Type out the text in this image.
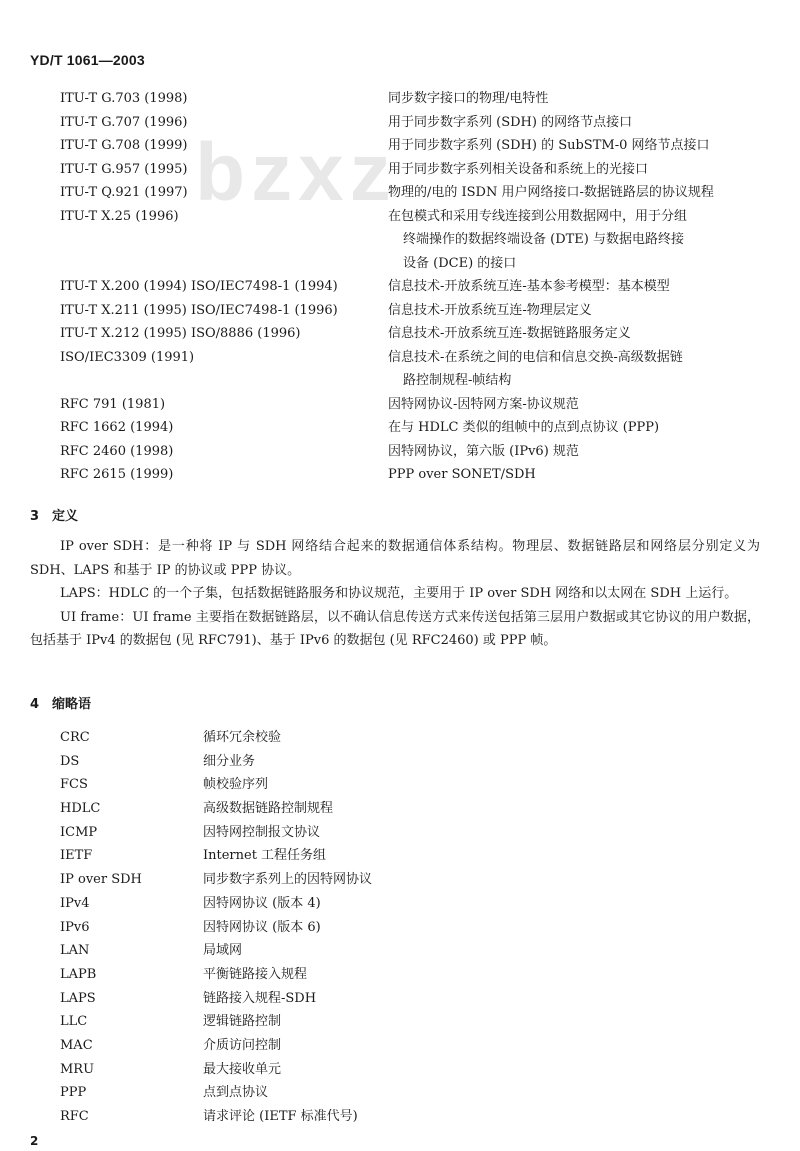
YD/T 1061—2003
bzxz
ITU-T G.703 (1998)	同步数字接口的物理/电特性
ITU-T G.707 (1996)	用于同步数字系列 (SDH) 的网络节点接口
ITU-T G.708 (1999)	用于同步数字系列 (SDH) 的 SubSTM-0 网络节点接口
ITU-T G.957 (1995)	用于同步数字系列相关设备和系统上的光接口
ITU-T Q.921 (1997)	物理的/电的 ISDN 用户网络接口-数据链路层的协议规程
ITU-T X.25 (1996)	在包模式和采用专线连接到公用数据网中，用于分组
终端操作的数据终端设备 (DTE) 与数据电路终接
设备 (DCE) 的接口
ITU-T X.200 (1994) ISO/IEC7498-1 (1994)	信息技术-开放系统互连-基本参考模型：基本模型
ITU-T X.211 (1995) ISO/IEC7498-1 (1996)	信息技术-开放系统互连-物理层定义
ITU-T X.212 (1995) ISO/8886 (1996)	信息技术-开放系统互连-数据链路服务定义
ISO/IEC3309 (1991)	信息技术-在系统之间的电信和信息交换-高级数据链
路控制规程-帧结构
RFC 791 (1981)	因特网协议-因特网方案-协议规范
RFC 1662 (1994)	在与 HDLC 类似的组帧中的点到点协议 (PPP)
RFC 2460 (1998)	因特网协议，第六版 (IPv6) 规范
RFC 2615 (1999)	PPP over SONET/SDH
3　定义

IP over SDH：是一种将 IP 与 SDH 网络结合起来的数据通信体系结构。物理层、数据链路层和网络层分别定义为 SDH、LAPS 和基于 IP 的协议或 PPP 协议。

LAPS：HDLC 的一个子集，包括数据链路服务和协议规范，主要用于 IP over SDH 网络和以太网在 SDH 上运行。

UI frame：UI frame 主要指在数据链路层，以不确认信息传送方式来传送包括第三层用户数据或其它协议的用户数据，包括基于 IPv4 的数据包 (见 RFC791)、基于 IPv6 的数据包 (见 RFC2460) 或 PPP 帧。

4　缩略语
CRC	循环冗余校验
DS	细分业务
FCS	帧校验序列
HDLC	高级数据链路控制规程
ICMP	因特网控制报文协议
IETF	Internet 工程任务组
IP over SDH	同步数字系列上的因特网协议
IPv4	因特网协议 (版本 4)
IPv6	因特网协议 (版本 6)
LAN	局域网
LAPB	平衡链路接入规程
LAPS	链路接入规程-SDH
LLC	逻辑链路控制
MAC	介质访问控制
MRU	最大接收单元
PPP	点到点协议
RFC	请求评论 (IETF 标准代号)
2
